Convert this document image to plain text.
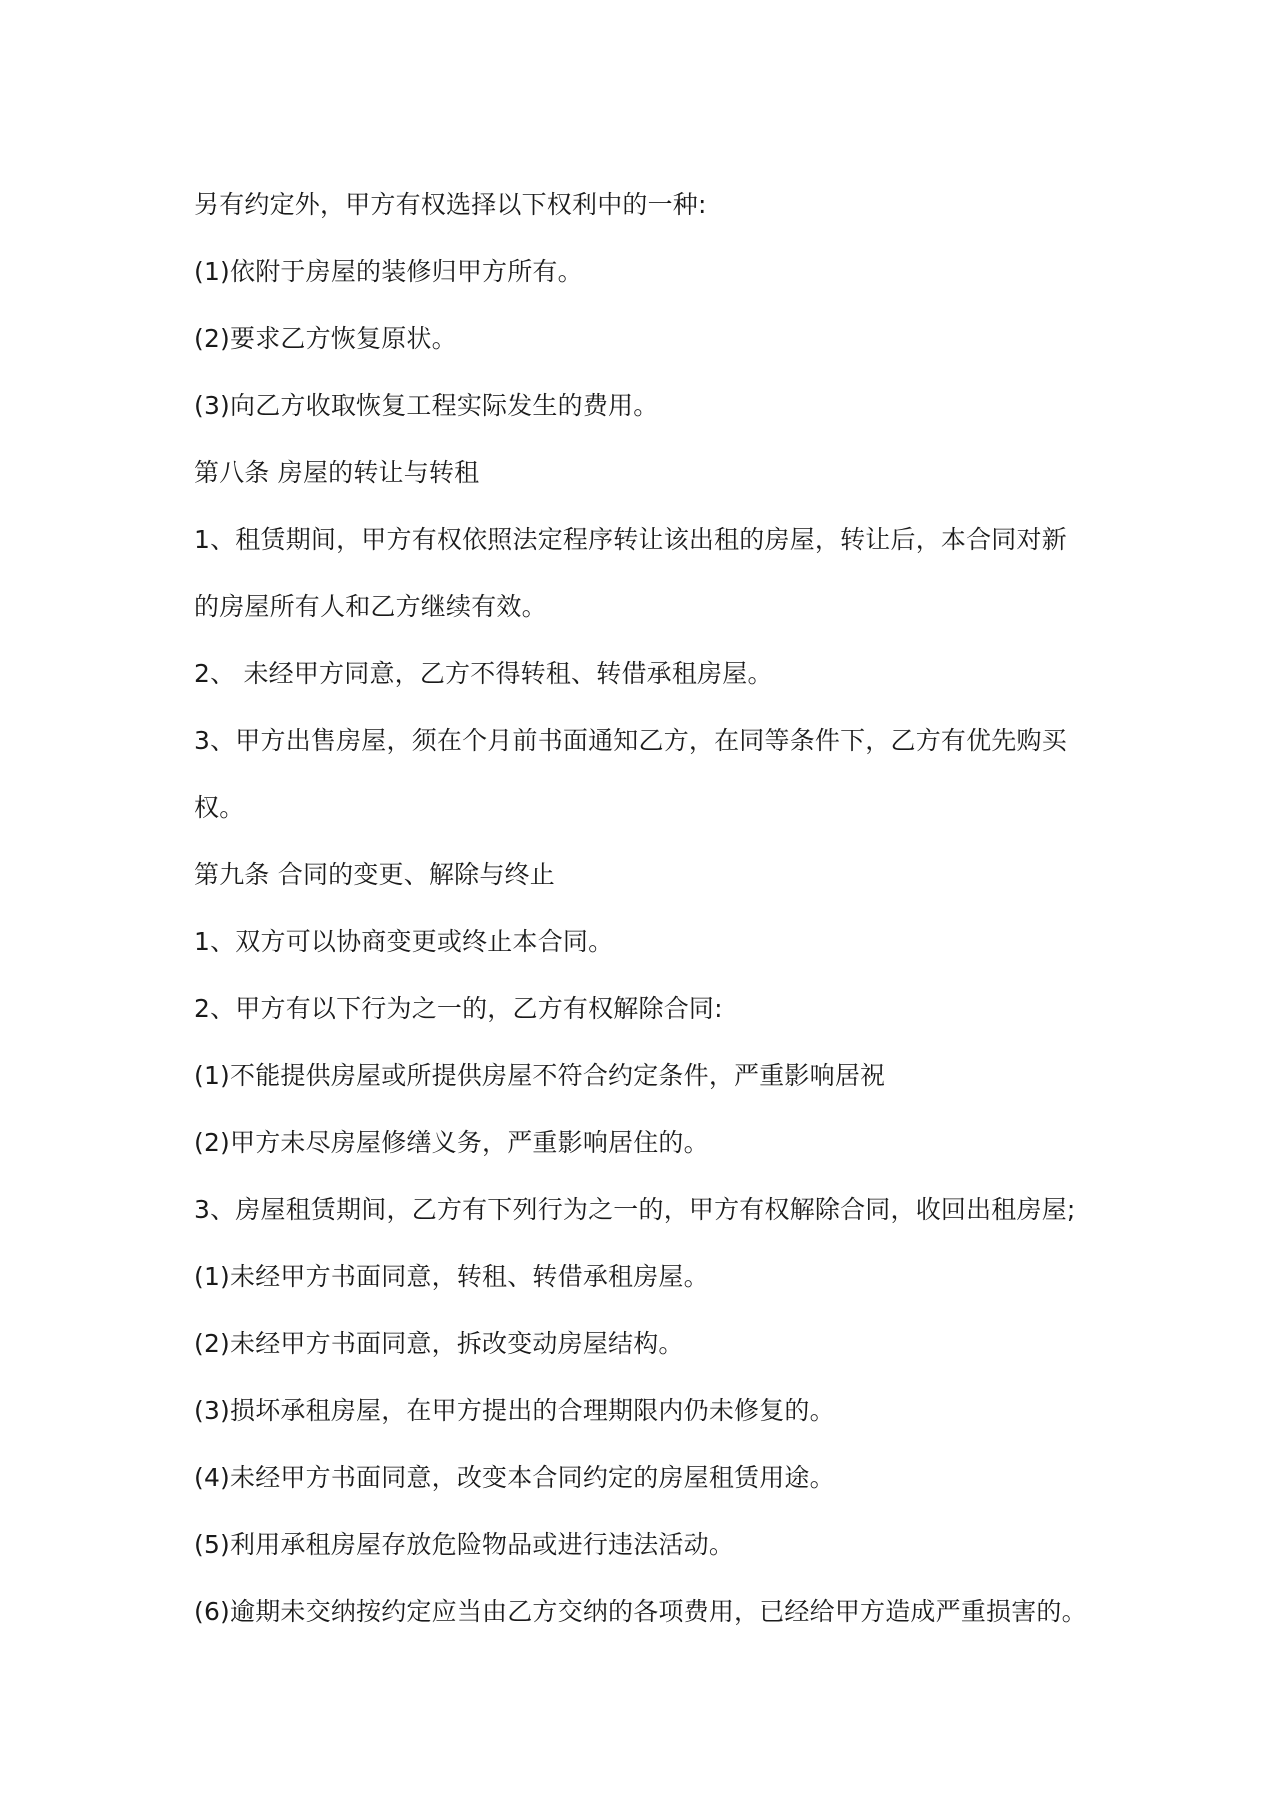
另有约定外，甲方有权选择以下权利中的一种:
(1)依附于房屋的装修归甲方所有。
(2)要求乙方恢复原状。
(3)向乙方收取恢复工程实际发生的费用。
第八条 房屋的转让与转租
1、租赁期间，甲方有权依照法定程序转让该出租的房屋，转让后，本合同对新
的房屋所有人和乙方继续有效。
2、 未经甲方同意，乙方不得转租、转借承租房屋。
3、甲方出售房屋，须在个月前书面通知乙方，在同等条件下，乙方有优先购买
权。
第九条 合同的变更、解除与终止
1、双方可以协商变更或终止本合同。
2、甲方有以下行为之一的，乙方有权解除合同:
(1)不能提供房屋或所提供房屋不符合约定条件，严重影响居祝
(2)甲方未尽房屋修缮义务，严重影响居住的。
3、房屋租赁期间，乙方有下列行为之一的，甲方有权解除合同，收回出租房屋;
(1)未经甲方书面同意，转租、转借承租房屋。
(2)未经甲方书面同意，拆改变动房屋结构。
(3)损坏承租房屋，在甲方提出的合理期限内仍未修复的。
(4)未经甲方书面同意，改变本合同约定的房屋租赁用途。
(5)利用承租房屋存放危险物品或进行违法活动。
(6)逾期未交纳按约定应当由乙方交纳的各项费用，已经给甲方造成严重损害的。
